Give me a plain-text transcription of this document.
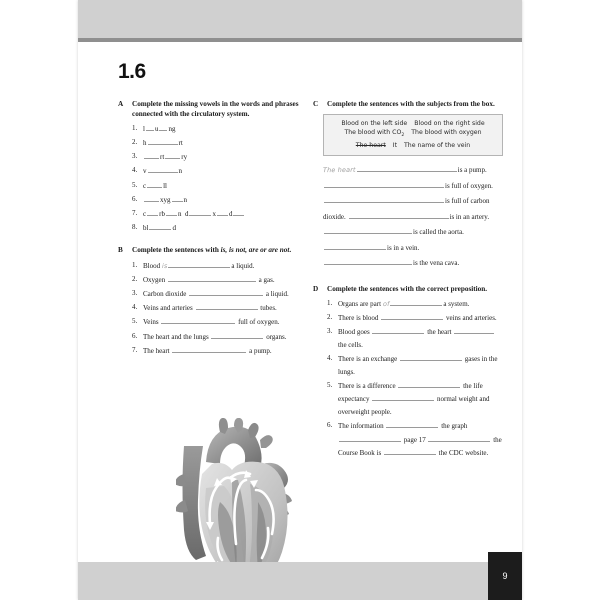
1.6
A	Complete the missing vowels in the words and phrases connected with the circulatory system.
1. l u ng
2. h	rt
3.	rt ry
4. v	n
5. c ll
6.	xyg n
7. c rb n  d	x d
8. bl	d
B	Complete the sentences with is, is not, are or are not.
1. Blood is	a liquid.
2. Oxygen	a gas.
3. Carbon dioxide	a liquid.
4. Veins and arteries	tubes.
5. Veins	full of oxygen.
6. The heart and the lungs	organs.
7. The heart	a pump.
C	Complete the sentences with the subjects from the box.
Blood on the left side Blood on the right side
The blood with $CO_2$ The blood with oxygen
The heart It The name of the vein
The heart	is a pump. is full of oxygen. is full of carbon dioxide.	is in an artery. is called the aorta. is in a vein. is the vena cava.
D	Complete the sentences with the correct preposition.
1. Organs are part of	a system.
2. There is blood	veins and arteries.
3. Blood goes	the heart  the cells.
4. There is an exchange	gases in the lungs.
5. There is a difference	the life expectancy	normal weight and overweight people.
6. The information	the graph  page 17	the Course Book is	the CDC website.
9
